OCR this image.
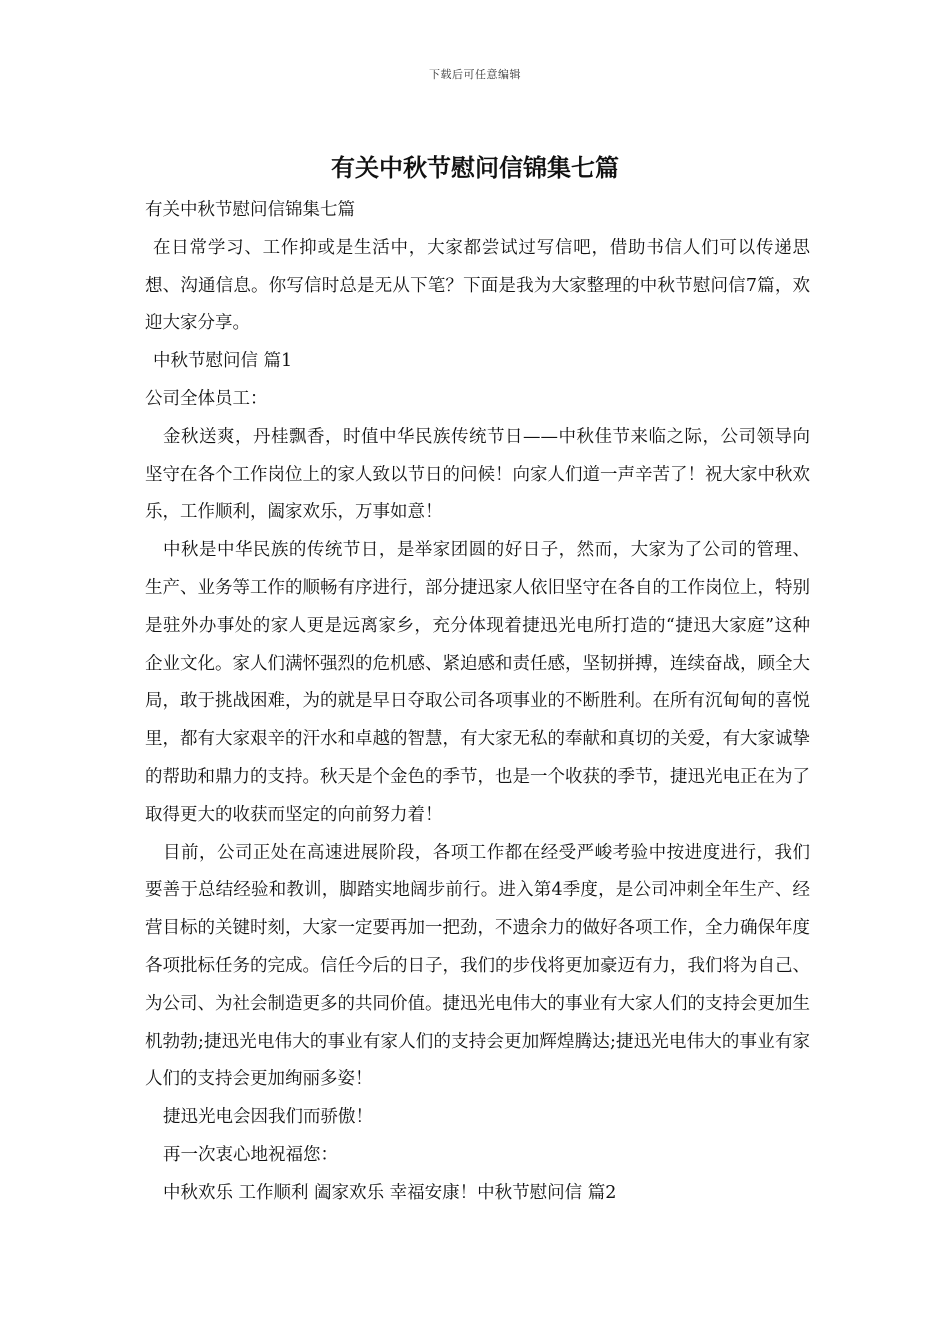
下载后可任意编辑
有关中秋节慰问信锦集七篇

有关中秋节慰问信锦集七篇

在日常学习、工作抑或是生活中，大家都尝试过写信吧，借助书信人们可以传递思想、沟通信息。你写信时总是无从下笔？下面是我为大家整理的中秋节慰问信7篇，欢迎大家分享。

中秋节慰问信 篇1

公司全体员工：

金秋送爽，丹桂飘香，时值中华民族传统节日——中秋佳节来临之际，公司领导向坚守在各个工作岗位上的家人致以节日的问候！向家人们道一声辛苦了！祝大家中秋欢乐，工作顺利，阖家欢乐，万事如意！

中秋是中华民族的传统节日，是举家团圆的好日子，然而，大家为了公司的管理、生产、业务等工作的顺畅有序进行，部分捷迅家人依旧坚守在各自的工作岗位上，特别是驻外办事处的家人更是远离家乡，充分体现着捷迅光电所打造的“捷迅大家庭”这种企业文化。家人们满怀强烈的危机感、紧迫感和责任感，坚韧拼搏，连续奋战，顾全大局，敢于挑战困难，为的就是早日夺取公司各项事业的不断胜利。在所有沉甸甸的喜悦里，都有大家艰辛的汗水和卓越的智慧，有大家无私的奉献和真切的关爱，有大家诚挚的帮助和鼎力的支持。秋天是个金色的季节，也是一个收获的季节，捷迅光电正在为了取得更大的收获而坚定的向前努力着！

目前，公司正处在高速进展阶段，各项工作都在经受严峻考验中按进度进行，我们要善于总结经验和教训，脚踏实地阔步前行。进入第4季度，是公司冲刺全年生产、经营目标的关键时刻，大家一定要再加一把劲，不遗余力的做好各项工作，全力确保年度各项批标任务的完成。信任今后的日子，我们的步伐将更加豪迈有力，我们将为自己、为公司、为社会制造更多的共同价值。捷迅光电伟大的事业有大家人们的支持会更加生机勃勃;捷迅光电伟大的事业有家人们的支持会更加辉煌腾达;捷迅光电伟大的事业有家人们的支持会更加绚丽多姿！

捷迅光电会因我们而骄傲！

再一次衷心地祝福您：

中秋欢乐 工作顺利 阖家欢乐 幸福安康！中秋节慰问信 篇2
